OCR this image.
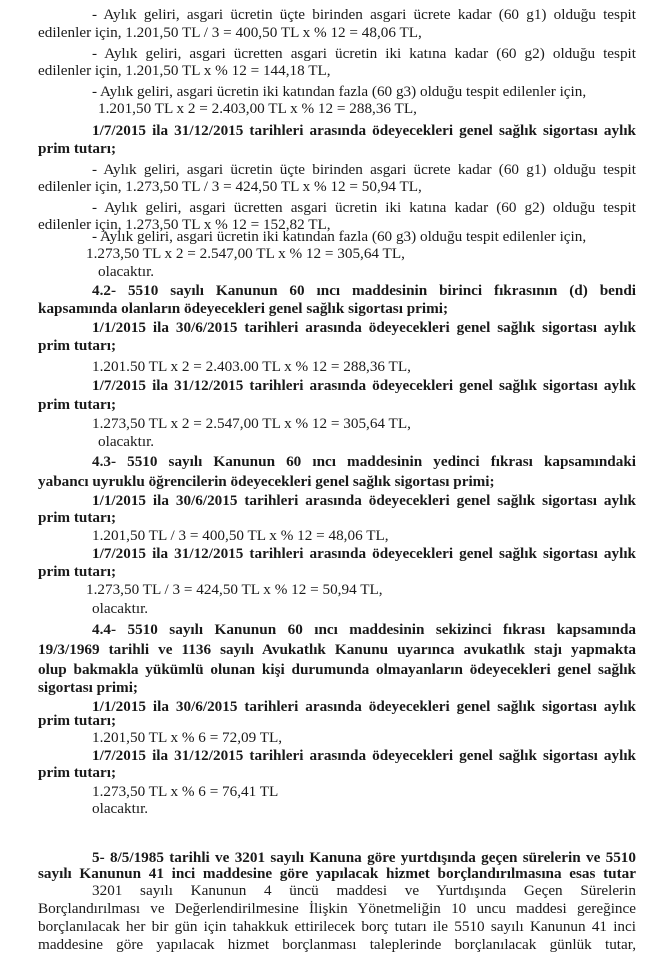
- Aylık geliri, asgari ücretin üçte birinden asgari ücrete kadar (60 g1) olduğu tespit
edilenler için, 1.201,50 TL / 3 = 400,50 TL x % 12 = 48,06 TL,
- Aylık geliri, asgari ücretten asgari ücretin iki katına kadar (60 g2) olduğu tespit
edilenler için, 1.201,50 TL x % 12 = 144,18 TL,
- Aylık geliri, asgari ücretin iki katından fazla (60 g3) olduğu tespit edilenler için,
1.201,50 TL x 2 = 2.403,00 TL x % 12 = 288,36 TL,
1/7/2015 ila 31/12/2015 tarihleri arasında ödeyecekleri genel sağlık sigortası aylık
prim tutarı;
- Aylık geliri, asgari ücretin üçte birinden asgari ücrete kadar (60 g1) olduğu tespit
edilenler için, 1.273,50 TL / 3 = 424,50 TL x % 12 = 50,94 TL,
- Aylık geliri, asgari ücretten asgari ücretin iki katına kadar (60 g2) olduğu tespit
edilenler için, 1.273,50 TL x % 12 = 152,82 TL,
- Aylık geliri, asgari ücretin iki katından fazla (60 g3) olduğu tespit edilenler için,
1.273,50 TL x 2 = 2.547,00 TL x % 12 = 305,64 TL,
olacaktır.
4.2- 5510 sayılı Kanunun 60 ıncı maddesinin birinci fıkrasının (d) bendi
kapsamında olanların ödeyecekleri genel sağlık sigortası primi;
1/1/2015 ila 30/6/2015 tarihleri arasında ödeyecekleri genel sağlık sigortası aylık
prim tutarı;
1.201.50 TL x 2 = 2.403.00 TL x % 12 = 288,36 TL,
1/7/2015 ila 31/12/2015 tarihleri arasında ödeyecekleri genel sağlık sigortası aylık
prim tutarı;
1.273,50 TL x 2 = 2.547,00 TL x % 12 = 305,64 TL,
olacaktır.
4.3- 5510 sayılı Kanunun 60 ıncı maddesinin yedinci fıkrası kapsamındaki
yabancı uyruklu öğrencilerin ödeyecekleri genel sağlık sigortası primi;
1/1/2015 ila 30/6/2015 tarihleri arasında ödeyecekleri genel sağlık sigortası aylık
prim tutarı;
1.201,50 TL / 3 = 400,50 TL x % 12 = 48,06 TL,
1/7/2015 ila 31/12/2015 tarihleri arasında ödeyecekleri genel sağlık sigortası aylık
prim tutarı;
1.273,50 TL / 3 = 424,50 TL x % 12 = 50,94 TL,
olacaktır.
4.4- 5510 sayılı Kanunun 60 ıncı maddesinin sekizinci fıkrası kapsamında
19/3/1969 tarihli ve 1136 sayılı Avukatlık Kanunu uyarınca avukatlık stajı yapmakta
olup bakmakla yükümlü olunan kişi durumunda olmayanların ödeyecekleri genel sağlık
sigortası primi;
1/1/2015 ila 30/6/2015 tarihleri arasında ödeyecekleri genel sağlık sigortası aylık
prim tutarı;
1.201,50 TL x % 6 = 72,09 TL,
1/7/2015 ila 31/12/2015 tarihleri arasında ödeyecekleri genel sağlık sigortası aylık
prim tutarı;
1.273,50 TL x % 6 = 76,41 TL
olacaktır.
5- 8/5/1985 tarihli ve 3201 sayılı Kanuna göre yurtdışında geçen sürelerin ve 5510
sayılı Kanunun 41 inci maddesine göre yapılacak hizmet borçlandırılmasına esas tutar
3201 sayılı Kanunun 4 üncü maddesi ve Yurtdışında Geçen Sürelerin
Borçlandırılması ve Değerlendirilmesine İlişkin Yönetmeliğin 10 uncu maddesi gereğince
borçlanılacak her bir gün için tahakkuk ettirilecek borç tutarı ile 5510 sayılı Kanunun 41 inci
maddesine göre yapılacak hizmet borçlanması taleplerinde borçlanılacak günlük tutar,
